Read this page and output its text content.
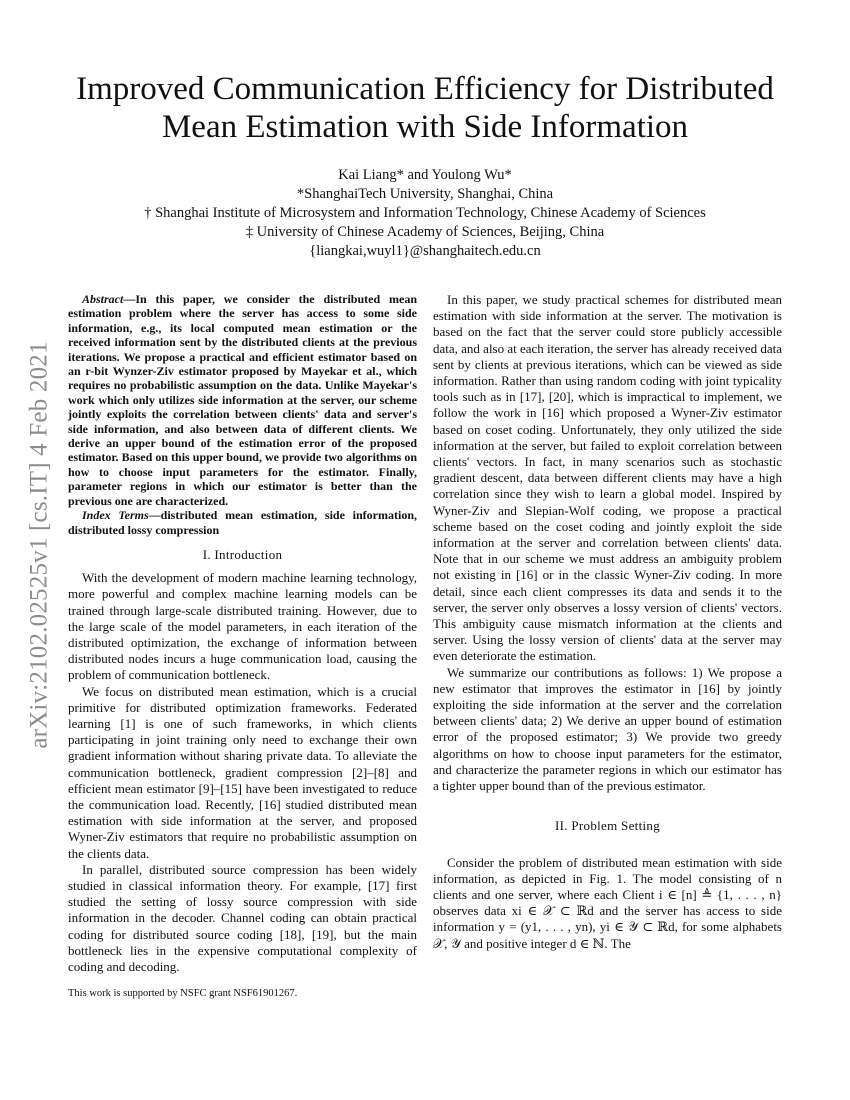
arXiv:2102.02525v1 [cs.IT] 4 Feb 2021
Improved Communication Efficiency for Distributed
Mean Estimation with Side Information
Kai Liang* and Youlong Wu*
*ShanghaiTech University, Shanghai, China
† Shanghai Institute of Microsystem and Information Technology, Chinese Academy of Sciences
‡ University of Chinese Academy of Sciences, Beijing, China
{liangkai,wuyl1}@shanghaitech.edu.cn

Abstract—In this paper, we consider the distributed mean estimation problem where the server has access to some side information, e.g., its local computed mean estimation or the received information sent by the distributed clients at the previous iterations. We propose a practical and efficient estimator based on an r-bit Wynzer-Ziv estimator proposed by Mayekar et al., which requires no probabilistic assumption on the data. Unlike Mayekar's work which only utilizes side information at the server, our scheme jointly exploits the correlation between clients' data and server's side information, and also between data of different clients. We derive an upper bound of the estimation error of the proposed estimator. Based on this upper bound, we provide two algorithms on how to choose input parameters for the estimator. Finally, parameter regions in which our estimator is better than the previous one are characterized.

Index Terms—distributed mean estimation, side information, distributed lossy compression

I. Introduction

With the development of modern machine learning technology, more powerful and complex machine learning models can be trained through large-scale distributed training. However, due to the large scale of the model parameters, in each iteration of the distributed optimization, the exchange of information between distributed nodes incurs a huge communication load, causing the problem of communication bottleneck.

We focus on distributed mean estimation, which is a crucial primitive for distributed optimization frameworks. Federated learning [1] is one of such frameworks, in which clients participating in joint training only need to exchange their own gradient information without sharing private data. To alleviate the communication bottleneck, gradient compression [2]–[8] and efficient mean estimator [9]–[15] have been investigated to reduce the communication load. Recently, [16] studied distributed mean estimation with side information at the server, and proposed Wyner-Ziv estimators that require no probabilistic assumption on the clients data.

In parallel, distributed source compression has been widely studied in classical information theory. For example, [17] first studied the setting of lossy source compression with side information in the decoder. Channel coding can obtain practical coding for distributed source coding [18], [19], but the main bottleneck lies in the expensive computational complexity of coding and decoding.

This work is supported by NSFC grant NSF61901267.

In this paper, we study practical schemes for distributed mean estimation with side information at the server. The motivation is based on the fact that the server could store publicly accessible data, and also at each iteration, the server has already received data sent by clients at previous iterations, which can be viewed as side information. Rather than using random coding with joint typicality tools such as in [17], [20], which is impractical to implement, we follow the work in [16] which proposed a Wyner-Ziv estimator based on coset coding. Unfortunately, they only utilized the side information at the server, but failed to exploit correlation between clients' vectors. In fact, in many scenarios such as stochastic gradient descent, data between different clients may have a high correlation since they wish to learn a global model. Inspired by Wyner-Ziv and Slepian-Wolf coding, we propose a practical scheme based on the coset coding and jointly exploit the side information at the server and correlation between clients' data. Note that in our scheme we must address an ambiguity problem not existing in [16] or in the classic Wyner-Ziv coding. In more detail, since each client compresses its data and sends it to the server, the server only observes a lossy version of clients' vectors. This ambiguity cause mismatch information at the clients and server. Using the lossy version of clients' data at the server may even deteriorate the estimation.

We summarize our contributions as follows: 1) We propose a new estimator that improves the estimator in [16] by jointly exploiting the side information at the server and the correlation between clients' data; 2) We derive an upper bound of estimation error of the proposed estimator; 3) We provide two greedy algorithms on how to choose input parameters for the estimator, and characterize the parameter regions in which our estimator has a tighter upper bound than of the previous estimator.

II. Problem Setting

Consider the problem of distributed mean estimation with side information, as depicted in Fig. 1. The model consisting of n clients and one server, where each Client i ∈ [n] ≜ {1, . . . , n} observes data xi ∈ 𝒳 ⊂ ℝd and the server has access to side information y = (y1, . . . , yn), yi ∈ 𝒴 ⊂ ℝd, for some alphabets 𝒳, 𝒴 and positive integer d ∈ ℕ. The
